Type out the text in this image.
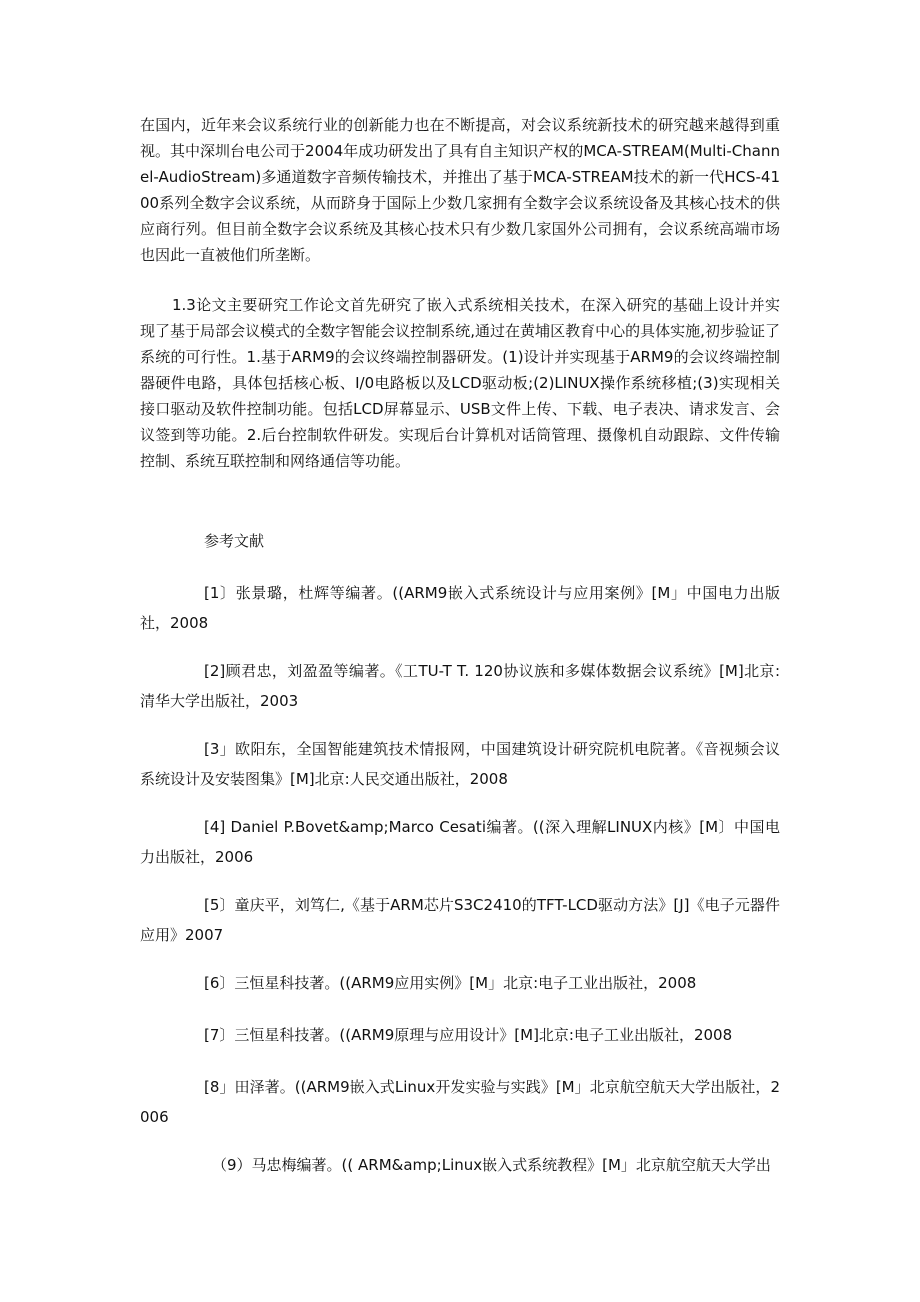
在国内，近年来会议系统行业的创新能力也在不断提高，对会议系统新技术的研究越来越得到重视。其中深圳台电公司于2004年成功研发出了具有自主知识产权的MCA-STREAM(Multi-Channel-AudioStream)多通道数字音频传输技术，并推出了基于MCA-STREAM技术的新一代HCS-4100系列全数字会议系统，从而跻身于国际上少数几家拥有全数字会议系统设备及其核心技术的供应商行列。但目前全数字会议系统及其核心技术只有少数几家国外公司拥有，会议系统高端市场也因此一直被他们所垄断。

1.3论文主要研究工作论文首先研究了嵌入式系统相关技术，在深入研究的基础上设计并实现了基于局部会议模式的全数字智能会议控制系统,通过在黄埔区教育中心的具体实施,初步验证了系统的可行性。1.基于ARM9的会议终端控制器研发。(1)设计并实现基于ARM9的会议终端控制器硬件电路，具体包括核心板、I/0电路板以及LCD驱动板;(2)LINUX操作系统移植;(3)实现相关接口驱动及软件控制功能。包括LCD屏幕显示、USB文件上传、下载、电子表决、请求发言、会议签到等功能。2.后台控制软件研发。实现后台计算机对话筒管理、摄像机自动跟踪、文件传输控制、系统互联控制和网络通信等功能。

参考文献

[1〕张景璐，杜辉等编著。((ARM9嵌入式系统设计与应用案例》[M」中国电力出版社，2008

[2]顾君忠，刘盈盈等编著。《工TU-T T. 120协议族和多媒体数据会议系统》[M]北京:清华大学出版社，2003

[3」欧阳东，全国智能建筑技术情报网，中国建筑设计研究院机电院著。《音视频会议系统设计及安装图集》[M]北京:人民交通出版社，2008

[4] Daniel P.Bovet&amp;Marco Cesati编著。((深入理解LINUX内核》[M〕中国电力出版社，2006

[5〕童庆平，刘笃仁,《基于ARM芯片S3C2410的TFT-LCD驱动方法》[J]《电子元器件应用》2007

[6〕三恒星科技著。((ARM9应用实例》[M」北京:电子工业出版社，2008

[7〕三恒星科技著。((ARM9原理与应用设计》[M]北京:电子工业出版社，2008

[8」田泽著。((ARM9嵌入式Linux开发实验与实践》[M」北京航空航天大学出版社，2006

（9）马忠梅编著。(( ARM&amp;Linux嵌入式系统教程》[M」北京航空航天大学出
